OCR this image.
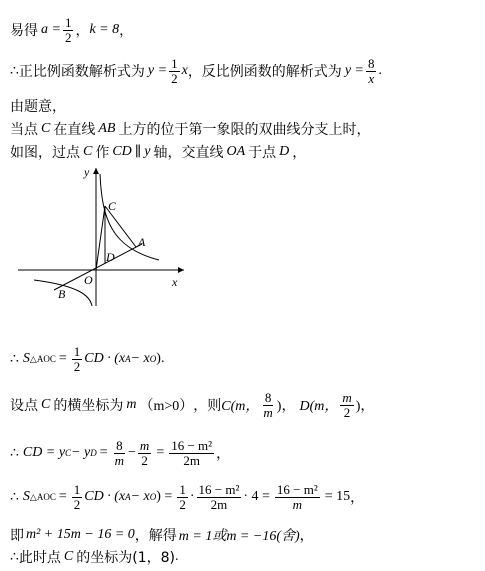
易得 $a = \frac{1}{2}$ ， k = 8 ，
∴ 正比例函数解析式为 $y = \frac{1}{2}$ x ，反比例函数的解析式为 $y = \frac{8}{x}$ .
由题意，
当点 C 在直线 AB 上方的位于第一象限的双曲线分支上时，
如图，过点 C 作 CD ∥ y 轴，交直线 OA 于点 D ，
y
x
O
C
A
D
B
∴ S △AOC = $\frac{1}{2}$ CD · (x A − x O ) .
设点 C 的横坐标为 m （m>0） ，则 C(m， $\frac{8}{m}$ )， D(m， $\frac{m}{2}$ )，
∴ CD = y C − y $D = \frac{8}{m} - \frac{m}{2} = \frac{\text{16 − m²}}{2m}$ ，
∴ S △AOC = $\frac{1}{2}$ CD · (x A − x O ) = $\frac{1}{2} \cdot \frac{\text{16 − m²}}{2m} \cdot 4 = \frac{\text{16 − m²}}{m} = 15$ ，
即 m² + 15m − 16 = 0 ，解得 m = 1或m = −16(舍) ，
∴ 此时点 C 的坐标为(1，8) .
